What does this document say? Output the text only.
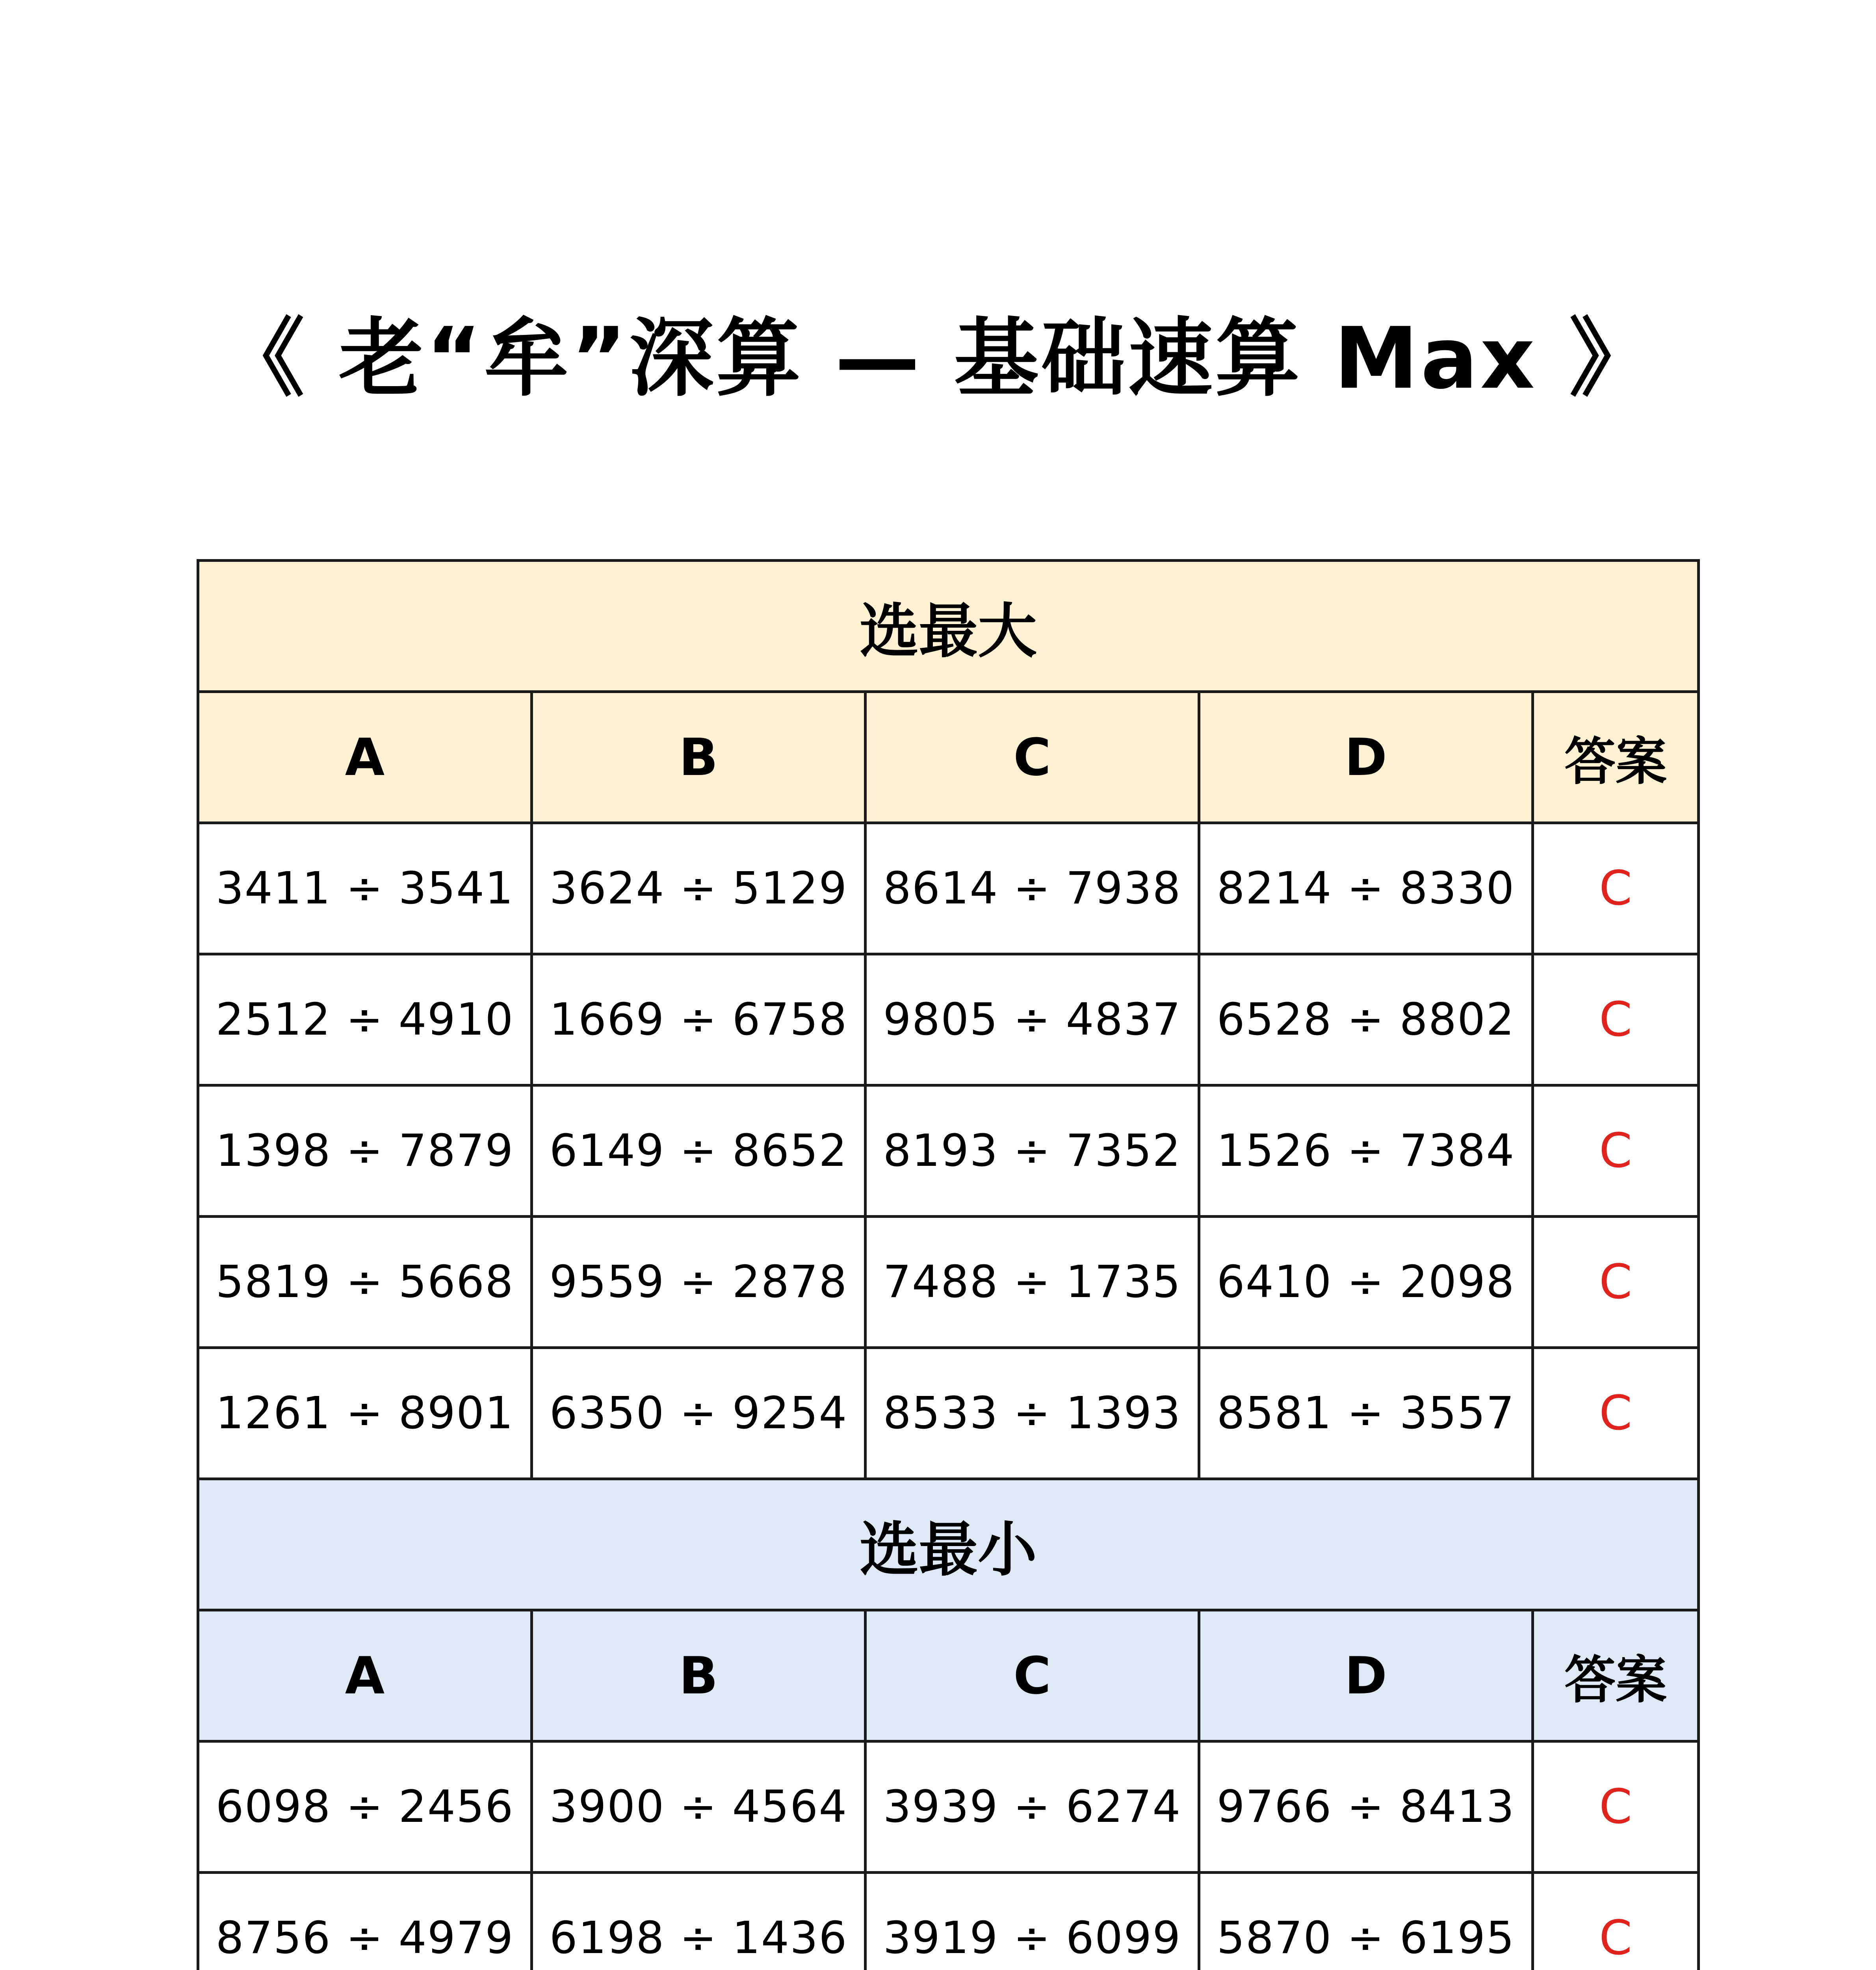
《 老“牟”深算 — 基础速算 Max 》
选最大				
A	B	C	D	答案
3411 ÷ 3541	3624 ÷ 5129	8614 ÷ 7938	8214 ÷ 8330	C
2512 ÷ 4910	1669 ÷ 6758	9805 ÷ 4837	6528 ÷ 8802	C
1398 ÷ 7879	6149 ÷ 8652	8193 ÷ 7352	1526 ÷ 7384	C
5819 ÷ 5668	9559 ÷ 2878	7488 ÷ 1735	6410 ÷ 2098	C
1261 ÷ 8901	6350 ÷ 9254	8533 ÷ 1393	8581 ÷ 3557	C
选最小				
A	B	C	D	答案
6098 ÷ 2456	3900 ÷ 4564	3939 ÷ 6274	9766 ÷ 8413	C
8756 ÷ 4979	6198 ÷ 1436	3919 ÷ 6099	5870 ÷ 6195	C
